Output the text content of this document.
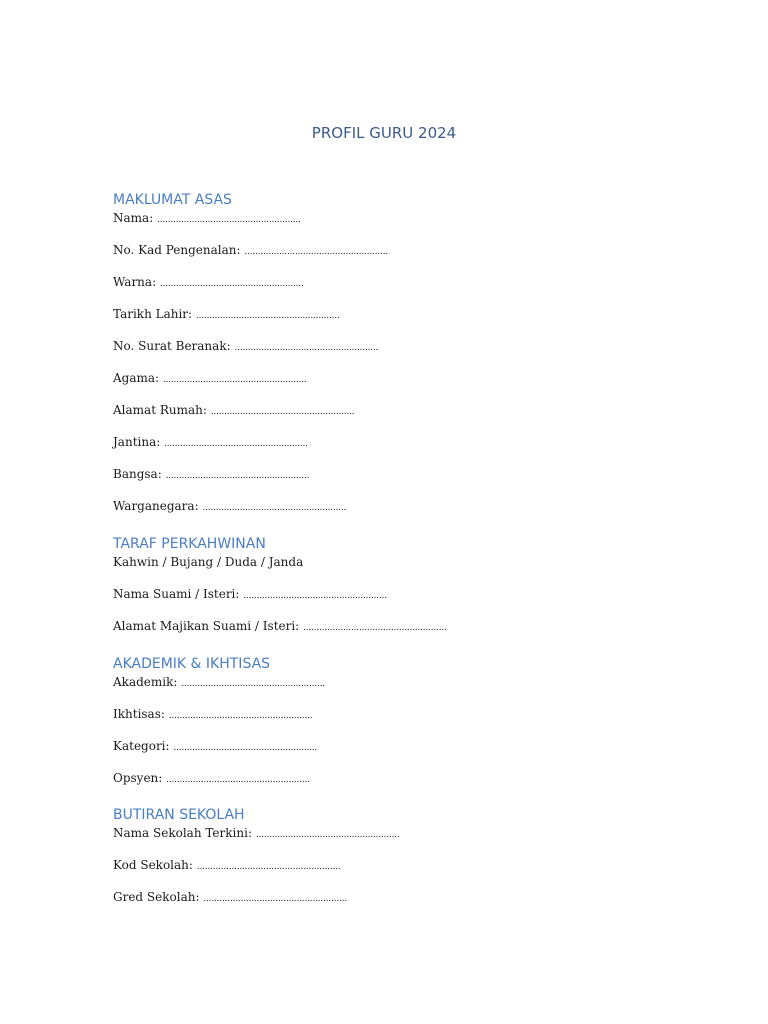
PROFIL GURU 2024
MAKLUMAT ASAS
Nama: ......................................................
No. Kad Pengenalan: ......................................................
Warna: ......................................................
Tarikh Lahir: ......................................................
No. Surat Beranak: ......................................................
Agama: ......................................................
Alamat Rumah: ......................................................
Jantina: ......................................................
Bangsa: ......................................................
Warganegara: ......................................................
TARAF PERKAHWINAN
Kahwin / Bujang / Duda / Janda
Nama Suami / Isteri: ......................................................
Alamat Majikan Suami / Isteri: ......................................................
AKADEMIK & IKHTISAS
Akademik: ......................................................
Ikhtisas: ......................................................
Kategori: ......................................................
Opsyen: ......................................................
BUTIRAN SEKOLAH
Nama Sekolah Terkini: ......................................................
Kod Sekolah: ......................................................
Gred Sekolah: ......................................................
